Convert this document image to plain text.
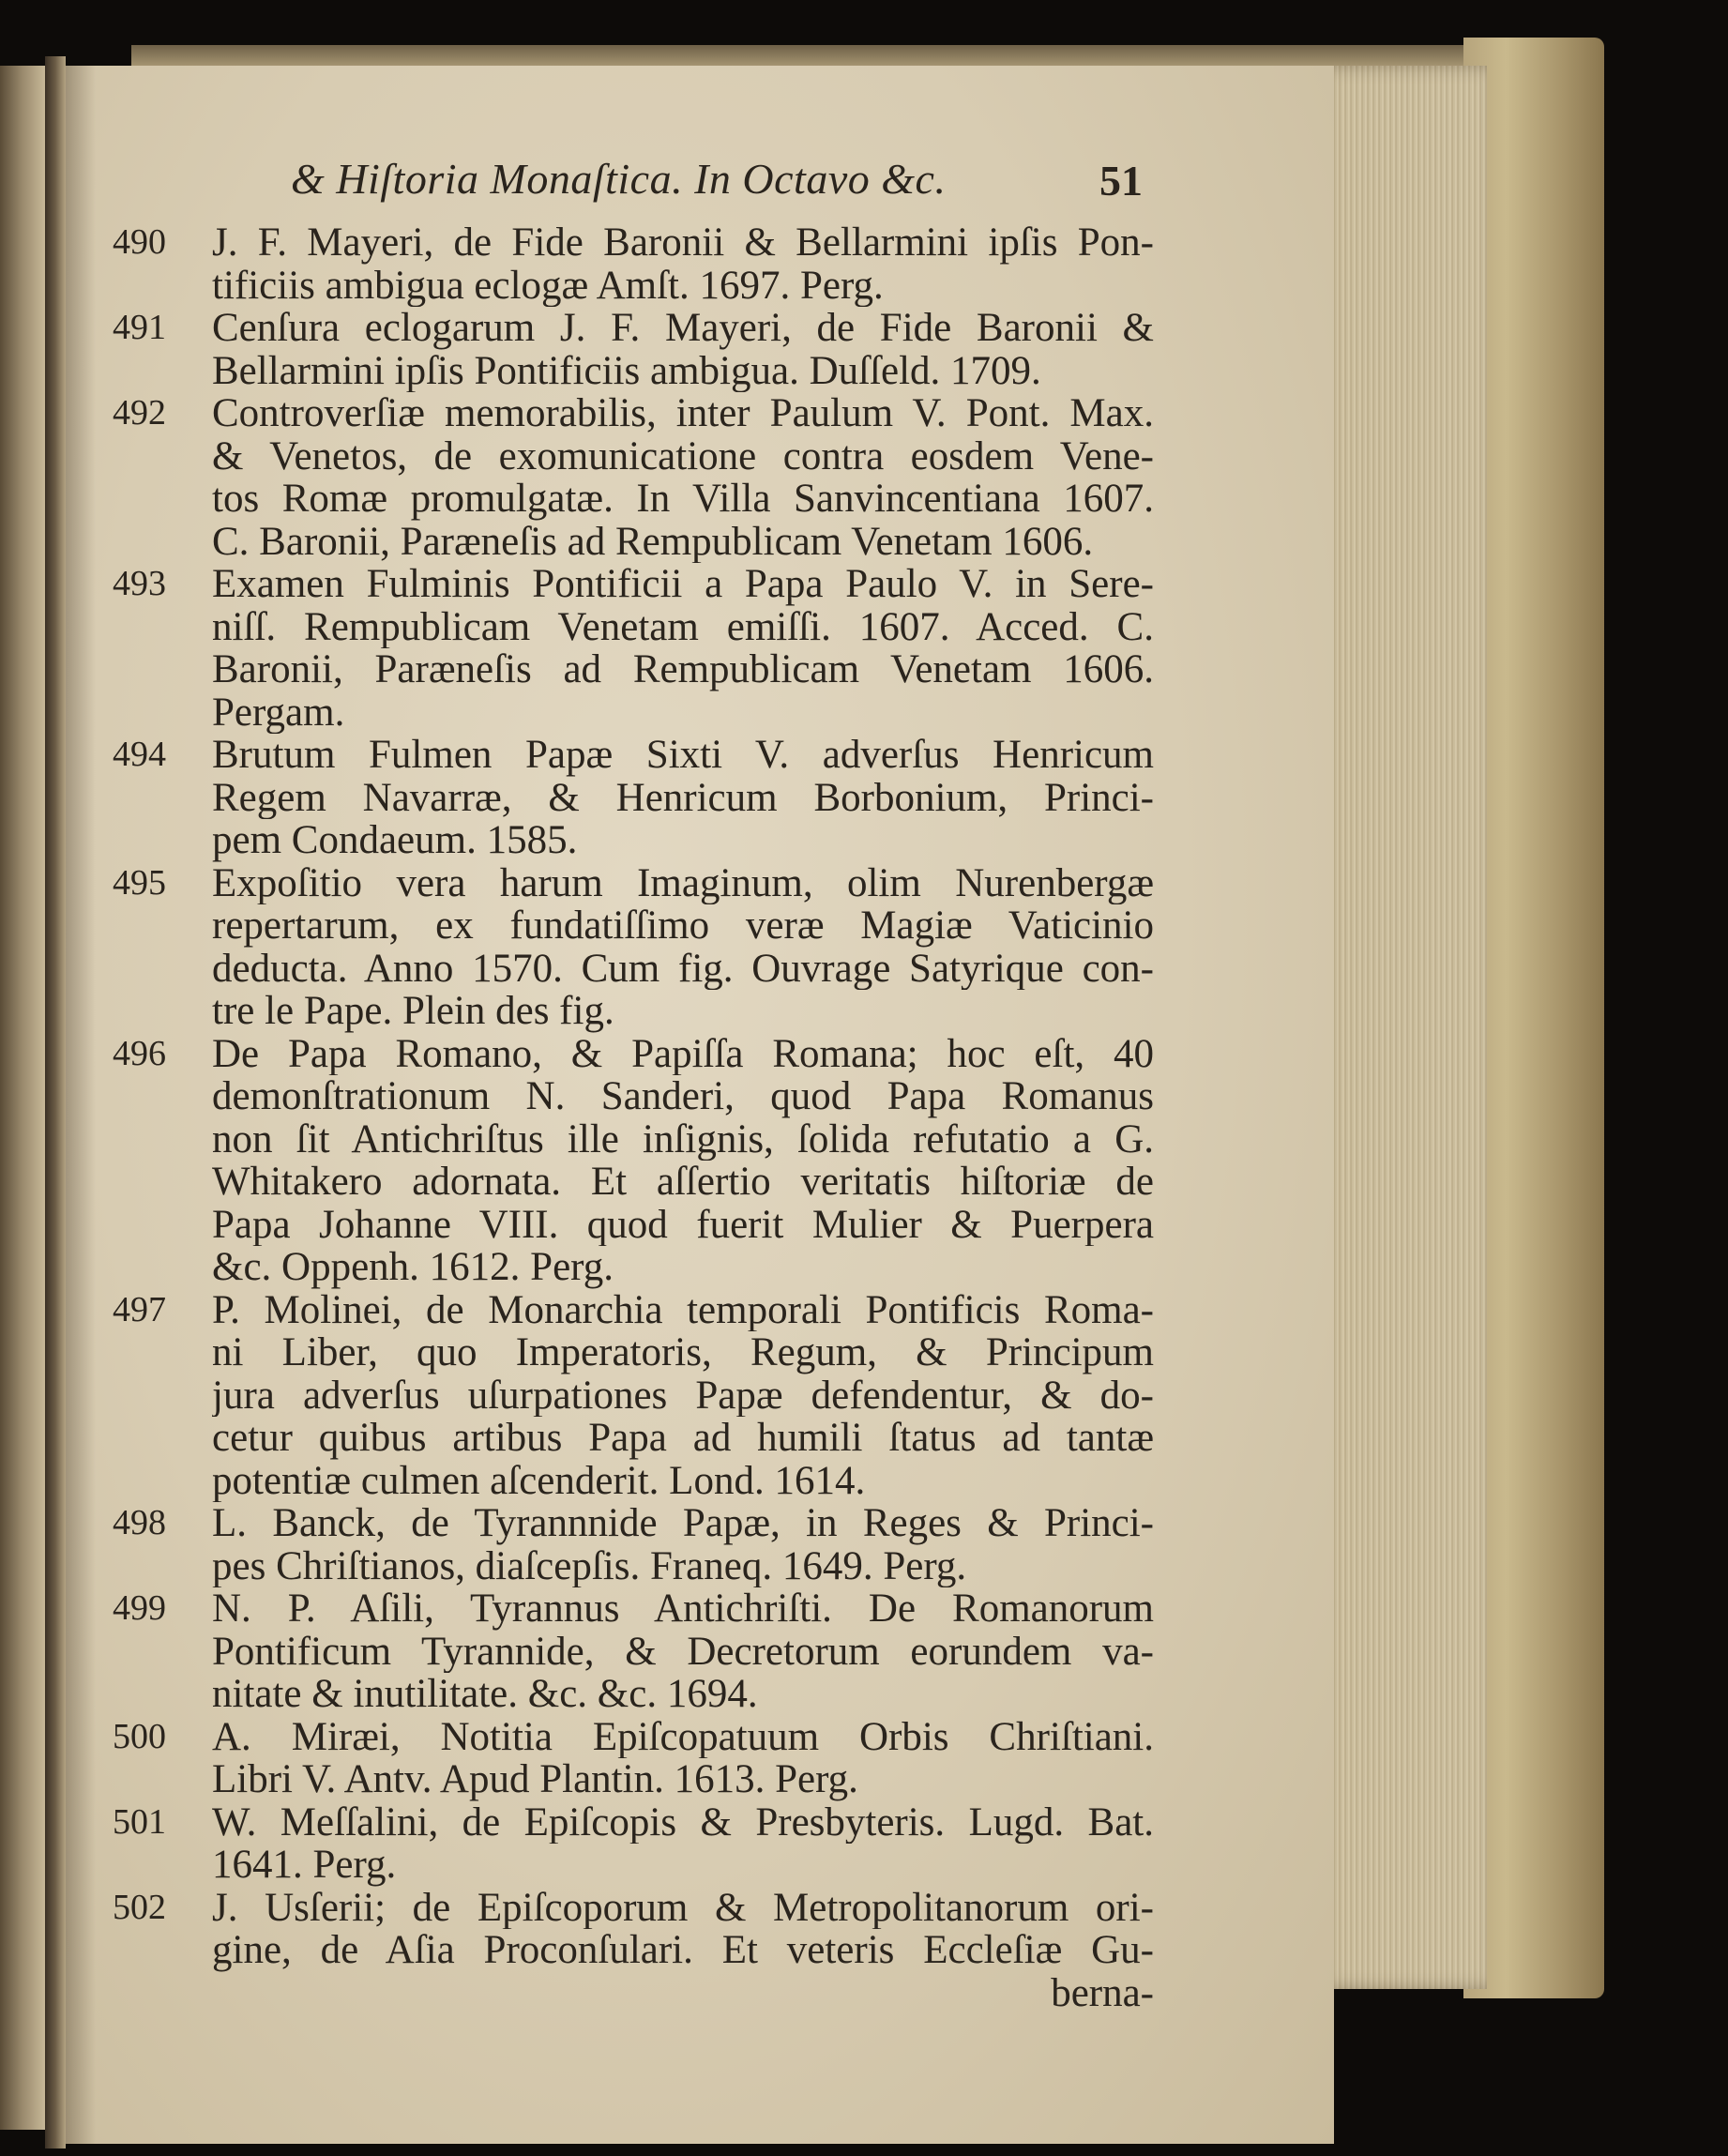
& Hiſtoria Monaſtica. In Octavo &c.	51
490	J. F. Mayeri, de Fide Baronii & Bellarmini ipſis Pon-
tificiis ambigua eclogæ Amſt. 1697. Perg.
491	Cenſura eclogarum J. F. Mayeri, de Fide Baronii &
Bellarmini ipſis Pontificiis ambigua. Duſſeld. 1709.
492	Controverſiæ memorabilis, inter Paulum V. Pont. Max.
& Venetos, de exomunicatione contra eosdem Vene-
tos Romæ promulgatæ. In Villa Sanvincentiana 1607.
C. Baronii, Paræneſis ad Rempublicam Venetam 1606.
493	Examen Fulminis Pontificii a Papa Paulo V. in Sere-
niſſ. Rempublicam Venetam emiſſi. 1607. Acced. C.
Baronii, Paræneſis ad Rempublicam Venetam 1606.
Pergam.
494	Brutum Fulmen Papæ Sixti V. adverſus Henricum
Regem Navarræ, & Henricum Borbonium, Princi-
pem Condaeum. 1585.
495	Expoſitio vera harum Imaginum, olim Nurenbergæ
repertarum, ex fundatiſſimo veræ Magiæ Vaticinio
deducta. Anno 1570. Cum fig. Ouvrage Satyrique con-
tre le Pape. Plein des fig.
496	De Papa Romano, & Papiſſa Romana; hoc eſt, 40
demonſtrationum N. Sanderi, quod Papa Romanus
non ſit Antichriſtus ille inſignis, ſolida refutatio a G.
Whitakero adornata. Et aſſertio veritatis hiſtoriæ de
Papa Johanne VIII. quod fuerit Mulier & Puerpera
&c. Oppenh. 1612. Perg.
497	P. Molinei, de Monarchia temporali Pontificis Roma-
ni Liber, quo Imperatoris, Regum, & Principum
jura adverſus uſurpationes Papæ defendentur, & do-
cetur quibus artibus Papa ad humili ſtatus ad tantæ
potentiæ culmen aſcenderit. Lond. 1614.
498	L. Banck, de Tyrannnide Papæ, in Reges & Princi-
pes Chriſtianos, diaſcepſis. Franeq. 1649. Perg.
499	N. P. Aſili, Tyrannus Antichriſti. De Romanorum
Pontificum Tyrannide, & Decretorum eorundem va-
nitate & inutilitate. &c. &c. 1694.
500	A. Miræi, Notitia Epiſcopatuum Orbis Chriſtiani.
Libri V. Antv. Apud Plantin. 1613. Perg.
501	W. Meſſalini, de Epiſcopis & Presbyteris. Lugd. Bat.
1641. Perg.
502	J. Usſerii; de Epiſcoporum & Metropolitanorum ori-
gine, de Aſia Proconſulari. Et veteris Eccleſiæ Gu-
berna-
